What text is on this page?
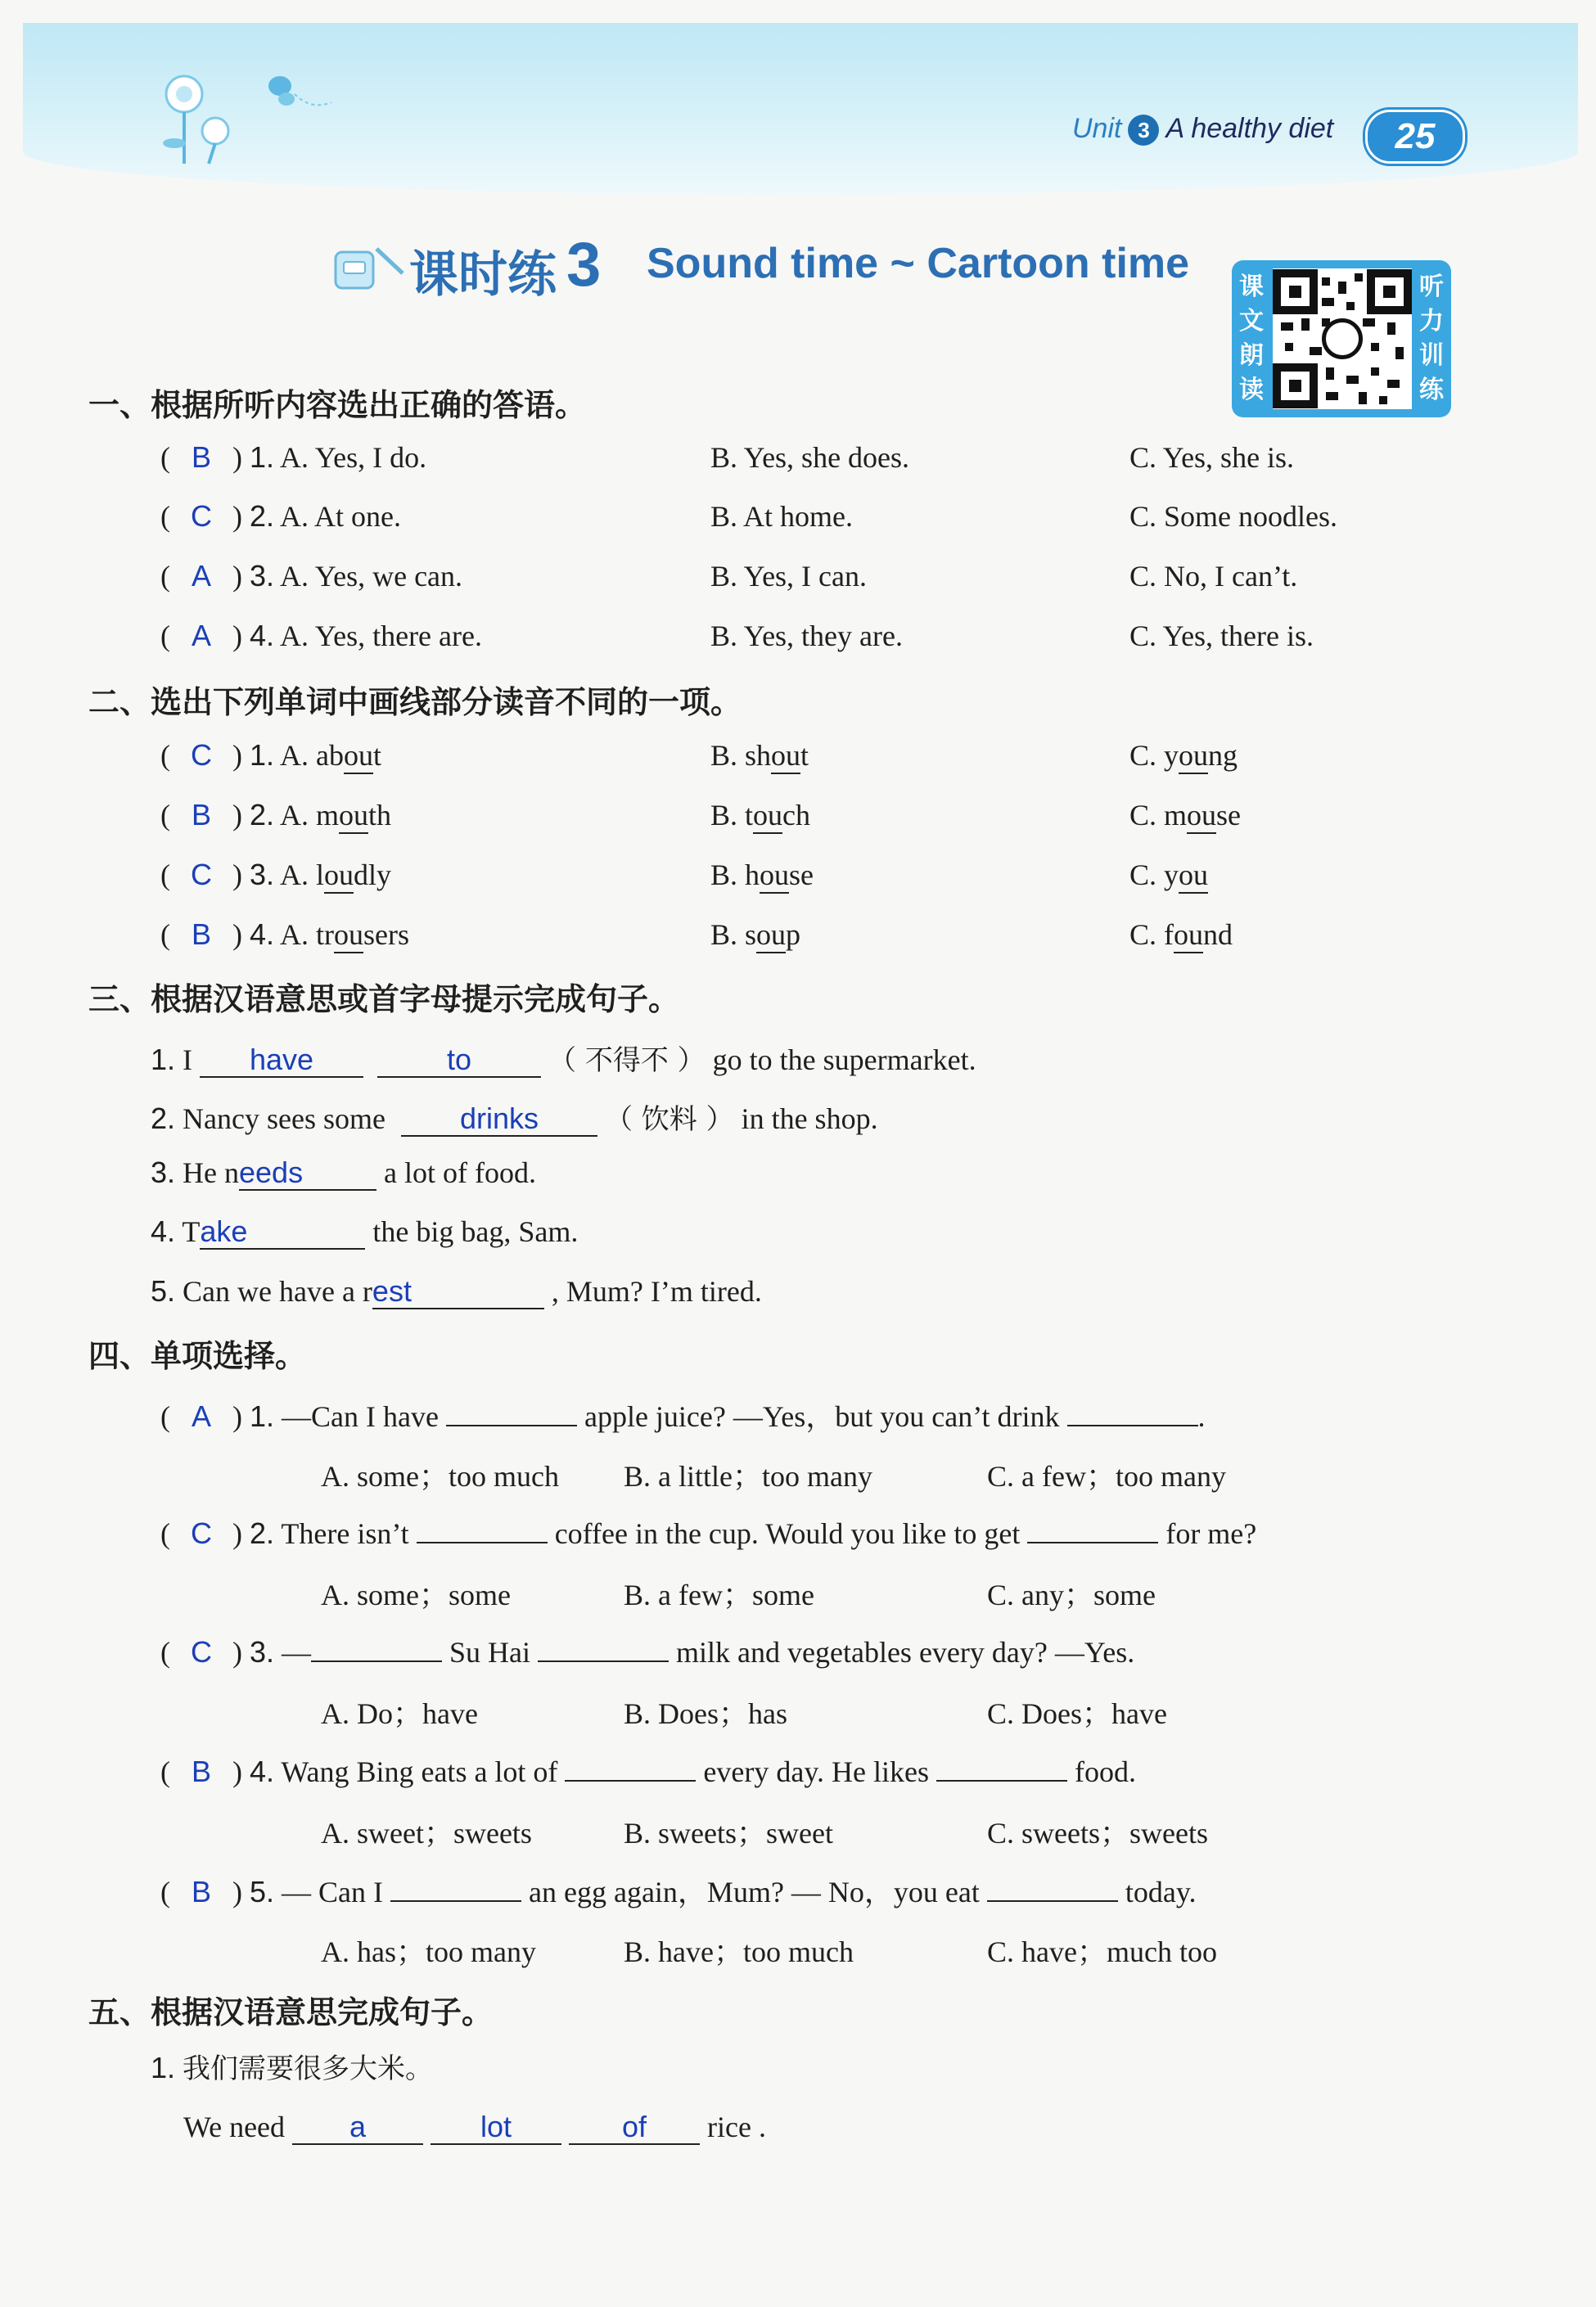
Unit 3 A healthy diet	25
课时练 3 Sound time ~ Cartoon time 课文朗读
听力训练
一、根据所听内容选出正确的答语。
( B ) 1. A. Yes, I do.	B. Yes, she does.	C. Yes, she is.
( C ) 2. A. At one.	B. At home.	C. Some noodles.
( A ) 3. A. Yes, we can.	B. Yes, I can.	C. No, I can’t.
( A ) 4. A. Yes, there are.	B. Yes, they are.	C. Yes, there is.
二、选出下列单词中画线部分读音不同的一项。
( C ) 1. A. about	B. shout	C. young
( B ) 2. A. mouth	B. touch	C. mouse
( C ) 3. A. loudly	B. house	C. you
( B ) 4. A. trousers	B. soup	C. found
三、根据汉语意思或首字母提示完成句子。
1. I have	to	（ 不得不 ） go to the supermarket.
2. Nancy sees some	drinks （ 饮料 ） in the shop.
3. He needs	a lot of food.
4. Take	the big bag, Sam.
5. Can we have a rest	, Mum? I’m tired.
四、单项选择。
( A ) 1. —Can I have	apple juice? —Yes，but you can’t drink	.
A. some；too much B. a little；too many	C. a few；too many
( C ) 2. There isn’t	coffee in the cup. Would you like to get	for me?
A. some；some	B. a few；some	C. any；some
( C ) 3. —	Su Hai	milk and vegetables every day? —Yes.
A. Do；have	B. Does；has	C. Does；have
( B ) 4. Wang Bing eats a lot of	every day. He likes	food.
A. sweet；sweets	B. sweets；sweet	C. sweets；sweets
( B ) 5. — Can I	an egg again，Mum? — No，you eat	today.
A. has；too many	B. have；too much	C. have；much too
五、根据汉语意思完成句子。
1. 我们需要很多大米。
We need a	lot	of rice .
